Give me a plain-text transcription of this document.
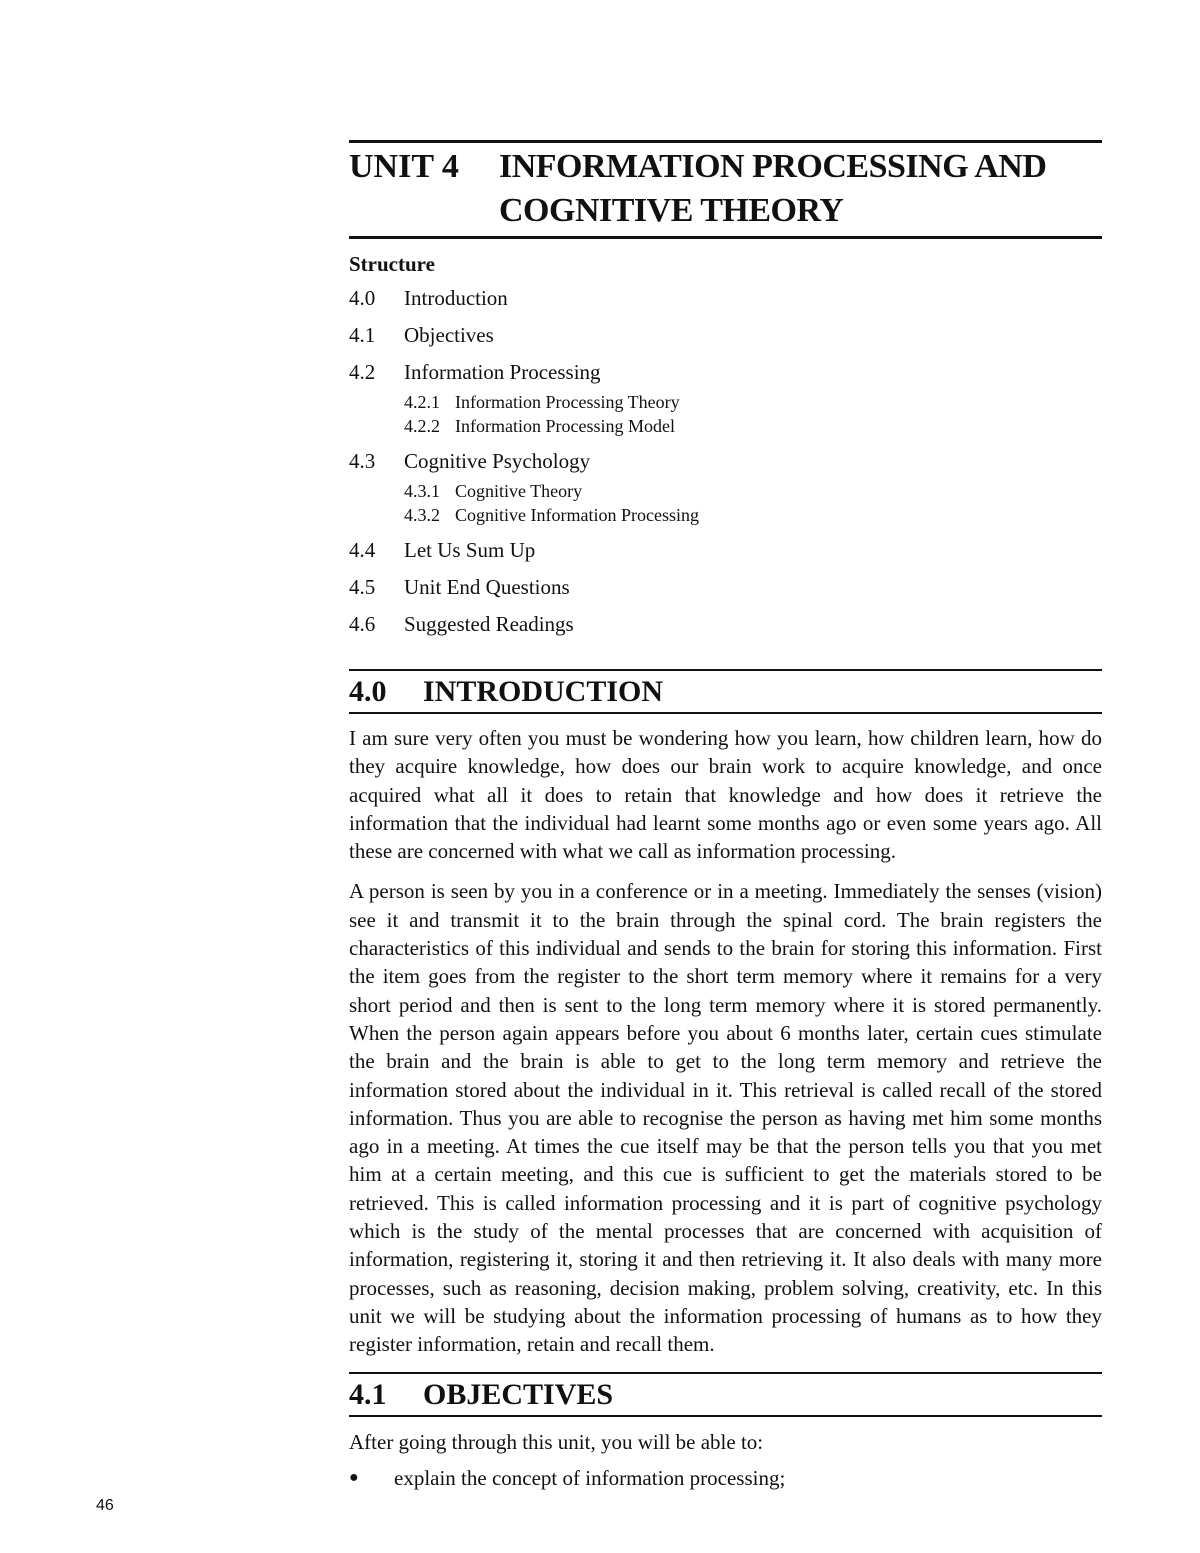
UNIT 4	INFORMATION PROCESSING AND
COGNITIVE THEORY
Structure
4.0	Introduction
4.1	Objectives
4.2	Information Processing
4.2.1 Information Processing Theory
4.2.2 Information Processing Model
4.3	Cognitive Psychology
4.3.1 Cognitive Theory
4.3.2 Cognitive Information Processing
4.4	Let Us Sum Up
4.5	Unit End Questions
4.6	Suggested Readings
4.0	INTRODUCTION

I am sure very often you must be wondering how you learn, how children learn, how do they acquire knowledge, how does our brain work to acquire knowledge, and once acquired what all it does to retain that knowledge and how does it retrieve the information that the individual had learnt some months ago or even some years ago. All these are concerned with what we call as information processing.

A person is seen by you in a conference or in a meeting. Immediately the senses (vision) see it and transmit it to the brain through the spinal cord. The brain registers the characteristics of this individual and sends to the brain for storing this information. First the item goes from the register to the short term memory where it remains for a very short period and then is sent to the long term memory where it is stored permanently. When the person again appears before you about 6 months later, certain cues stimulate the brain and the brain is able to get to the long term memory and retrieve the information stored about the individual in it. This retrieval is called recall of the stored information. Thus you are able to recognise the person as having met him some months ago in a meeting. At times the cue itself may be that the person tells you that you met him at a certain meeting, and this cue is sufficient to get the materials stored to be retrieved. This is called information processing and it is part of cognitive psychology which is the study of the mental processes that are concerned with acquisition of information, registering it, storing it and then retrieving it. It also deals with many more processes, such as reasoning, decision making, problem solving, creativity, etc. In this unit we will be studying about the information processing of humans as to how they register information, retain and recall them.

4.1	OBJECTIVES

After going through this unit, you will be able to:

●	explain the concept of information processing;
46
